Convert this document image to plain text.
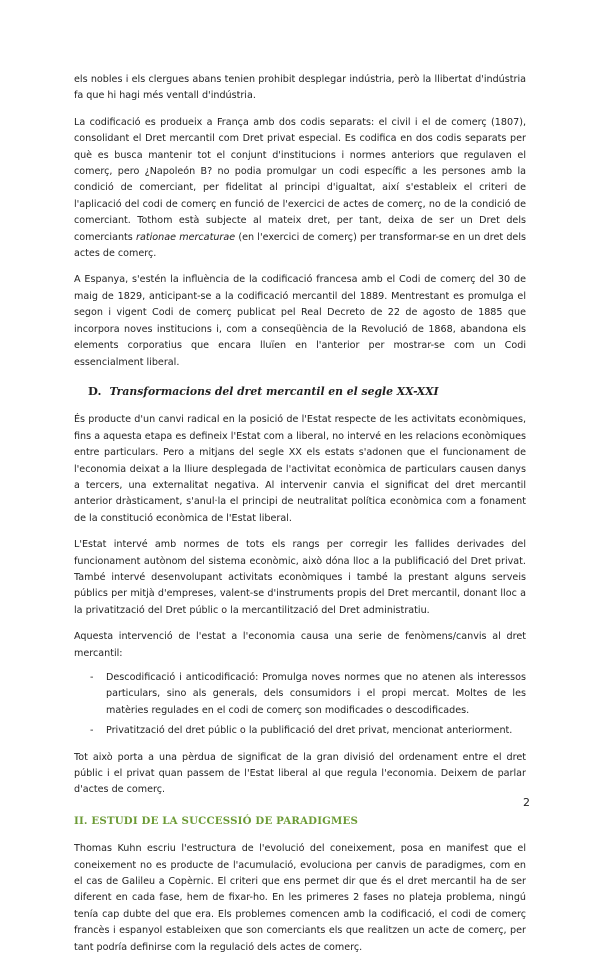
els nobles i els clergues abans tenien prohibit desplegar indústria, però la llibertat d'indústria fa que hi hagi més ventall d'indústria.

La codificació es produeix a França amb dos codis separats: el civil i el de comerç (1807), consolidant el Dret mercantil com Dret privat especial. Es codifica en dos codis separats per què es busca mantenir tot el conjunt d'institucions i normes anteriors que regulaven el comerç, pero ¿Napoleón B? no podia promulgar un codi específic a les persones amb la condició de comerciant, per fidelitat al principi d'igualtat, així s'estableix el criteri de l'aplicació del codi de comerç en funció de l'exercici de actes de comerç, no de la condició de comerciant. Tothom està subjecte al mateix dret, per tant, deixa de ser un Dret dels comerciants rationae mercaturae (en l'exercici de comerç) per transformar-se en un dret dels actes de comerç.

A Espanya, s'estén la influència de la codificació francesa amb el Codi de comerç del 30 de maig de 1829, anticipant-se a la codificació mercantil del 1889. Mentrestant es promulga el segon i vigent Codi de comerç publicat pel Real Decreto de 22 de agosto de 1885 que incorpora noves institucions i, com a conseqüència de la Revolució de 1868, abandona els elements corporatius que encara lluïen en l'anterior per mostrar-se com un Codi essencialment liberal.

D. Transformacions del dret mercantil en el segle XX-XXI

És producte d'un canvi radical en la posició de l'Estat respecte de les activitats econòmiques, fins a aquesta etapa es defineix l'Estat com a liberal, no intervé en les relacions econòmiques entre particulars. Pero a mitjans del segle XX els estats s'adonen que el funcionament de l'economia deixat a la lliure desplegada de l'activitat econòmica de particulars causen danys a tercers, una externalitat negativa. Al intervenir canvia el significat del dret mercantil anterior dràsticament, s'anul·la el principi de neutralitat política econòmica com a fonament de la constitució econòmica de l'Estat liberal.

L'Estat intervé amb normes de tots els rangs per corregir les fallides derivades del funcionament autònom del sistema econòmic, això dóna lloc a la publificació del Dret privat. També intervé desenvolupant activitats econòmiques i també la prestant alguns serveis públics per mitjà d'empreses, valent-se d'instruments propis del Dret mercantil, donant lloc a la privatització del Dret públic o la mercantilització del Dret administratiu.

Aquesta intervenció de l'estat a l'economia causa una serie de fenòmens/canvis al dret mercantil:

- Descodificació i anticodificació: Promulga noves normes que no atenen als interessos particulars, sino als generals, dels consumidors i el propi mercat. Moltes de les matèries regulades en el codi de comerç son modificades o descodificades.
- Privatització del dret públic o la publificació del dret privat, mencionat anteriorment.

Tot això porta a una pèrdua de significat de la gran divisió del ordenament entre el dret públic i el privat quan passem de l'Estat liberal al que regula l'economia. Deixem de parlar d'actes de comerç.

II. ESTUDI DE LA SUCCESSIÓ DE PARADIGMES

Thomas Kuhn escriu l'estructura de l'evolució del coneixement, posa en manifest que el coneixement no es producte de l'acumulació, evoluciona per canvis de paradigmes, com en el cas de Galileu a Copèrnic. El criteri que ens permet dir que és el dret mercantil ha de ser diferent en cada fase, hem de fixar-ho. En les primeres 2 fases no plateja problema, ningú tenía cap dubte del que era. Els problemes comencen amb la codificació, el codi de comerç francès i espanyol estableixen que son comerciants els que realitzen un acte de comerç, per tant podría definirse com la regulació dels actes de comerç.

2
